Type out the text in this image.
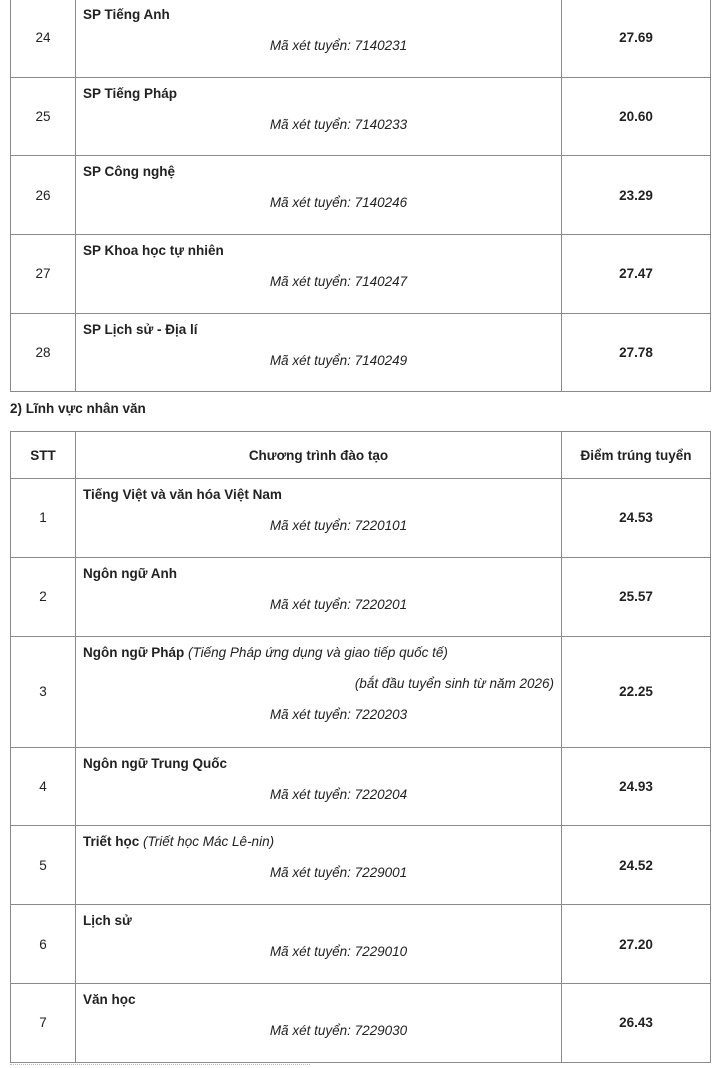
24	SP Tiếng Anh
Mã xét tuyển: 7140231	27.69
25	SP Tiếng Pháp
Mã xét tuyển: 7140233	20.60
26	SP Công nghệ
Mã xét tuyển: 7140246	23.29
27	SP Khoa học tự nhiên
Mã xét tuyển: 7140247	27.47
28	SP Lịch sử - Địa lí
Mã xét tuyển: 7140249	27.78
2) Lĩnh vực nhân văn
STT	Chương trình đào tạo	Điểm trúng tuyển
1	Tiếng Việt và văn hóa Việt Nam
Mã xét tuyển: 7220101	24.53
2	Ngôn ngữ Anh
Mã xét tuyển: 7220201	25.57
3	Ngôn ngữ Pháp (Tiếng Pháp ứng dụng và giao tiếp quốc tế)
(bắt đầu tuyển sinh từ năm 2026)
Mã xét tuyển: 7220203	22.25
4	Ngôn ngữ Trung Quốc
Mã xét tuyển: 7220204	24.93
5	Triết học (Triết học Mác Lê-nin)
Mã xét tuyển: 7229001	24.52
6	Lịch sử
Mã xét tuyển: 7229010	27.20
7	Văn học
Mã xét tuyển: 7229030	26.43
